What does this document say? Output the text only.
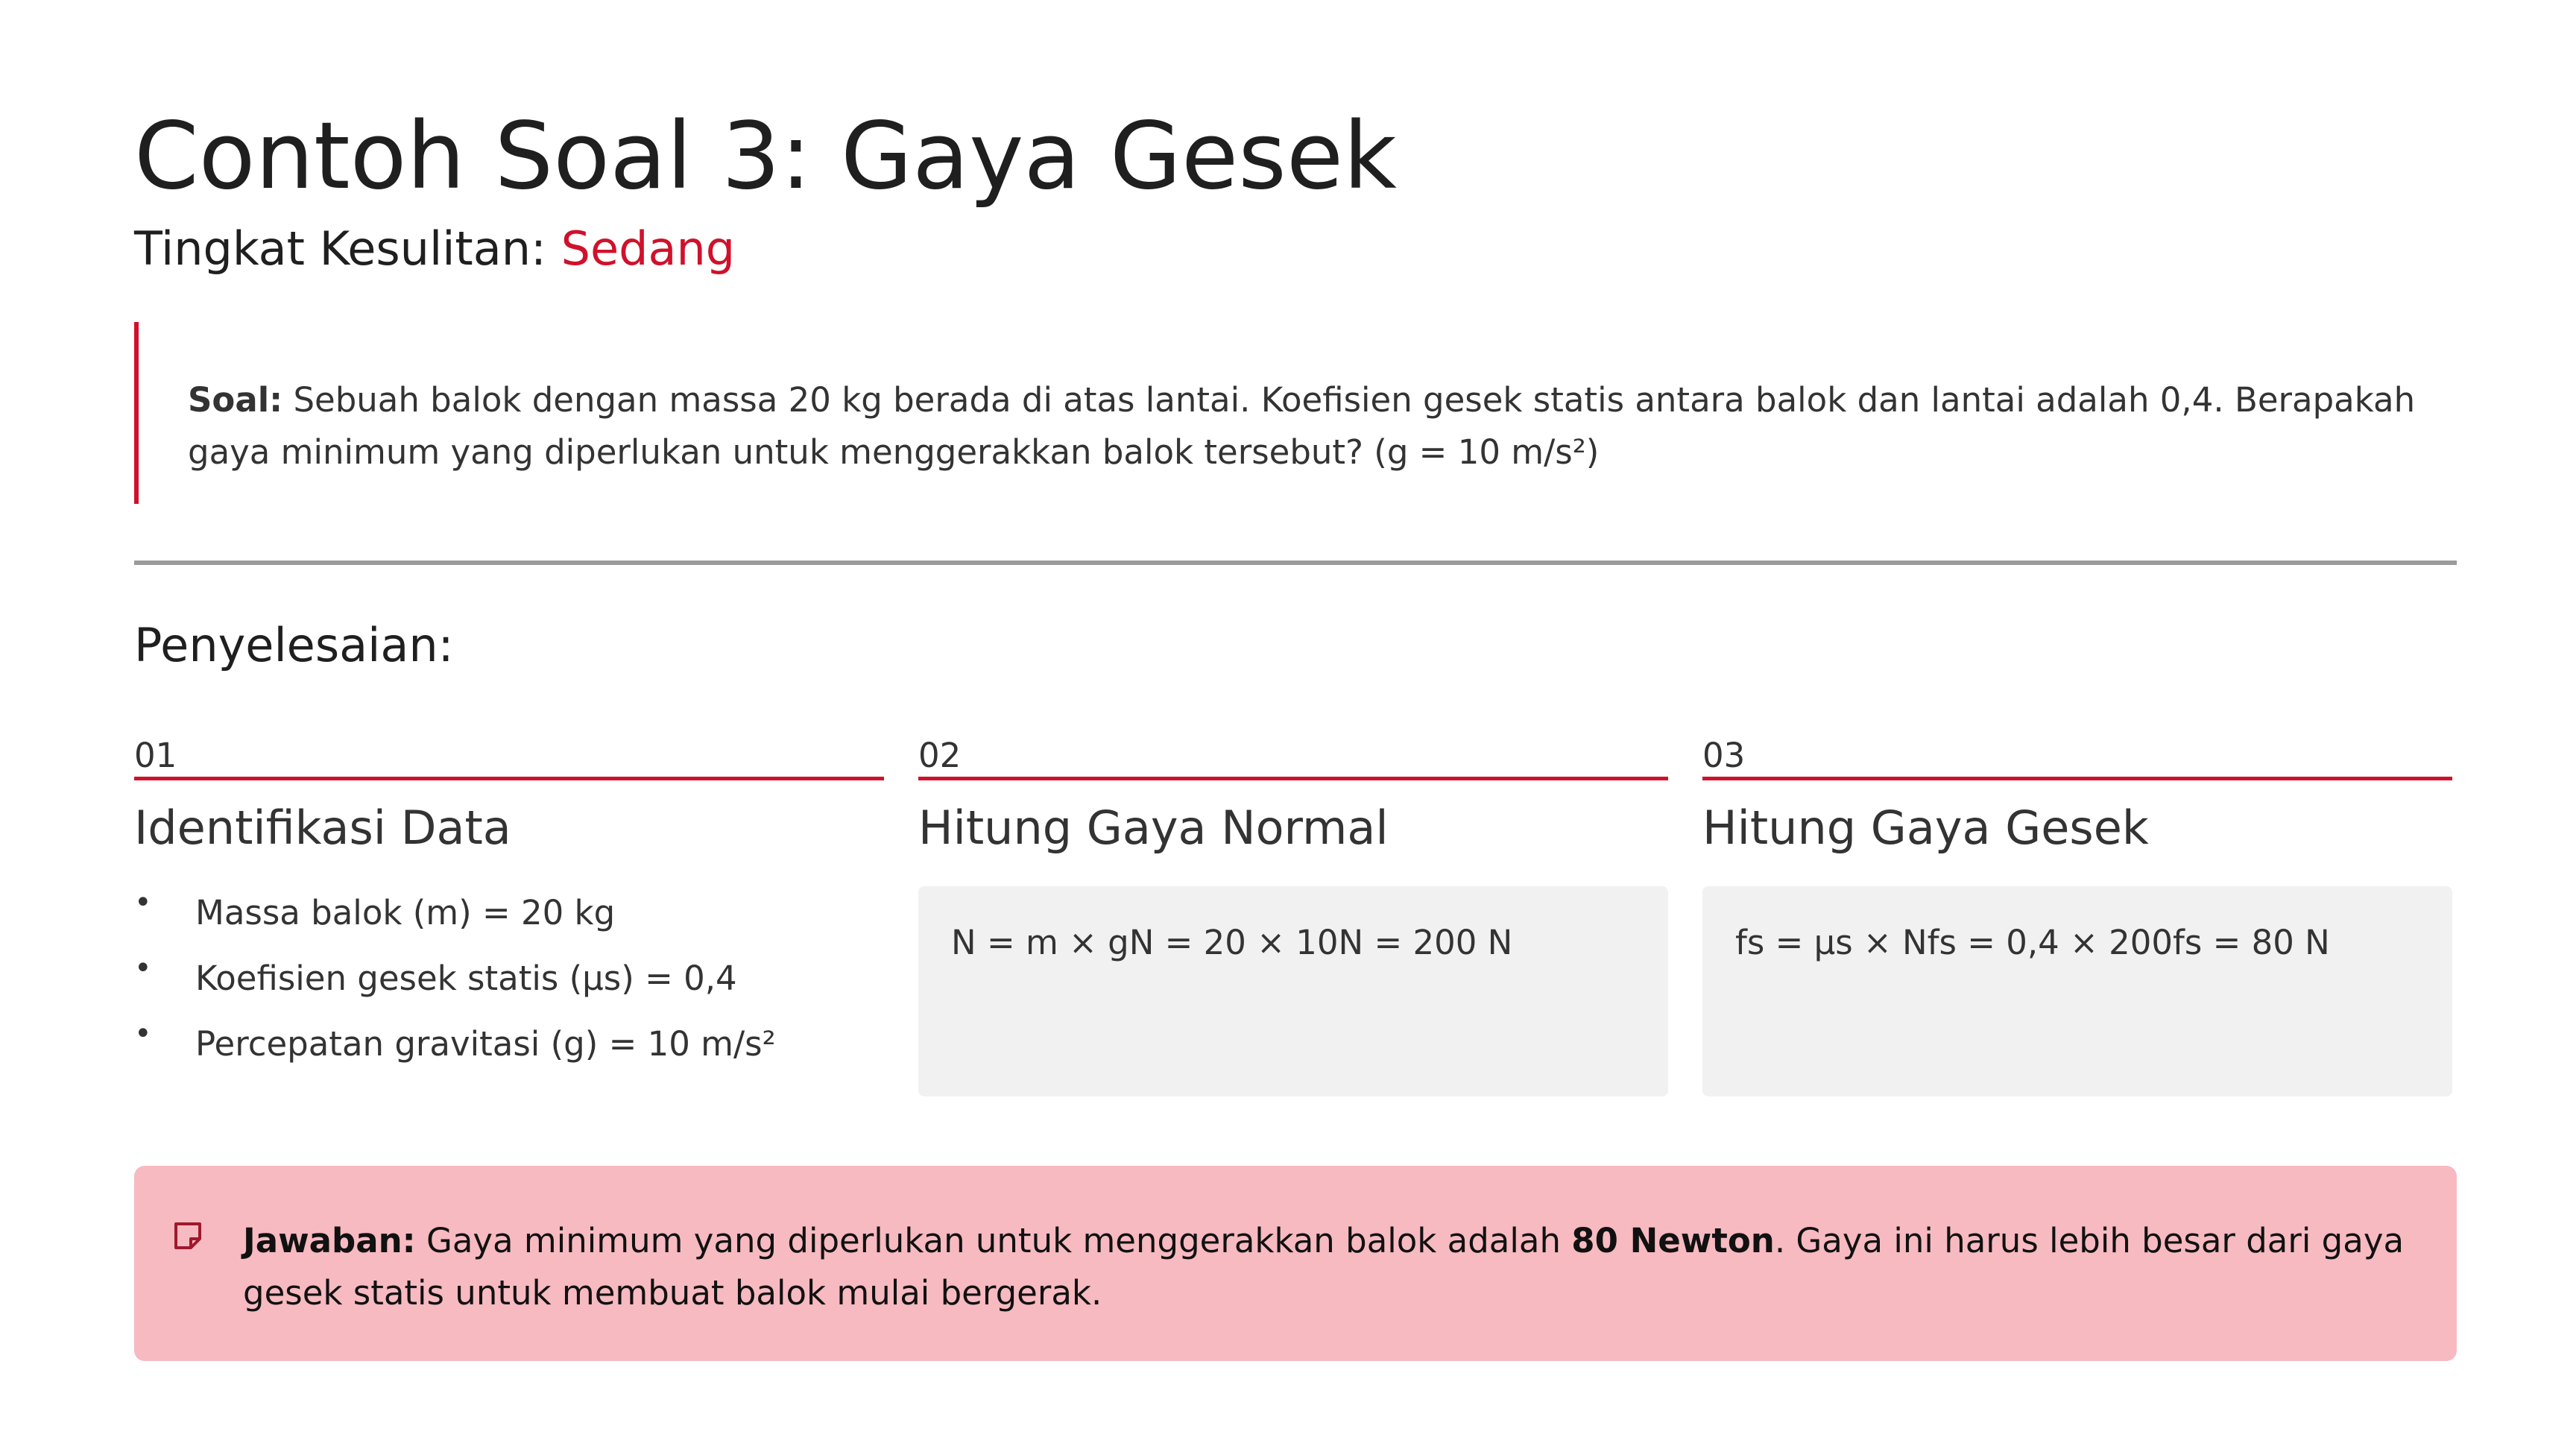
Contoh Soal 3: Gaya Gesek
Tingkat Kesulitan: Sedang
Soal: Sebuah balok dengan massa 20 kg berada di atas lantai. Koefisien gesek statis antara balok dan lantai adalah 0,4. Berapakah gaya minimum yang diperlukan untuk menggerakkan balok tersebut? (g = 10 m/s²)
Penyelesaian:
01
Identifikasi Data
• Massa balok (m) = 20 kg
• Koefisien gesek statis (μs) = 0,4
• Percepatan gravitasi (g) = 10 m/s²
02
Hitung Gaya Normal
N = m × gN = 20 × 10N = 200 N
03
Hitung Gaya Gesek
fs = μs × Nfs = 0,4 × 200fs = 80 N
Jawaban: Gaya minimum yang diperlukan untuk menggerakkan balok adalah 80 Newton. Gaya ini harus lebih besar dari gaya gesek statis untuk membuat balok mulai bergerak.
